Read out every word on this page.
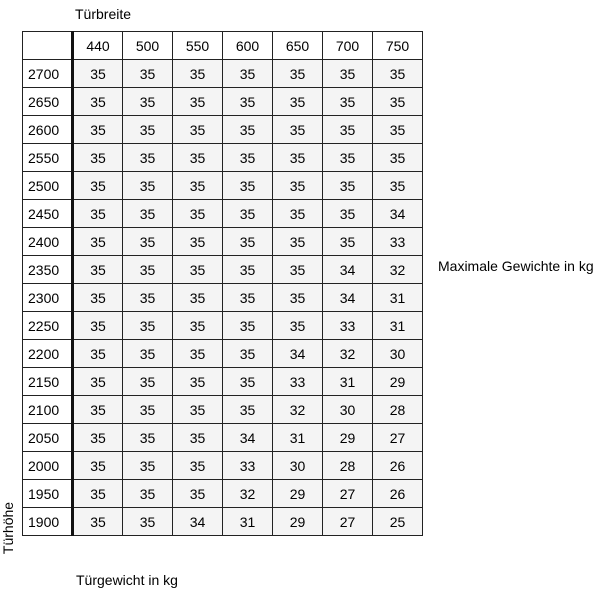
Türbreite
Maximale Gewichte in kg
Türgewicht in kg
Türhöhe
	440	500	550	600	650	700	750
2700	35	35	35	35	35	35	35
2650	35	35	35	35	35	35	35
2600	35	35	35	35	35	35	35
2550	35	35	35	35	35	35	35
2500	35	35	35	35	35	35	35
2450	35	35	35	35	35	35	34
2400	35	35	35	35	35	35	33
2350	35	35	35	35	35	34	32
2300	35	35	35	35	35	34	31
2250	35	35	35	35	35	33	31
2200	35	35	35	35	34	32	30
2150	35	35	35	35	33	31	29
2100	35	35	35	35	32	30	28
2050	35	35	35	34	31	29	27
2000	35	35	35	33	30	28	26
1950	35	35	35	32	29	27	26
1900	35	35	34	31	29	27	25
